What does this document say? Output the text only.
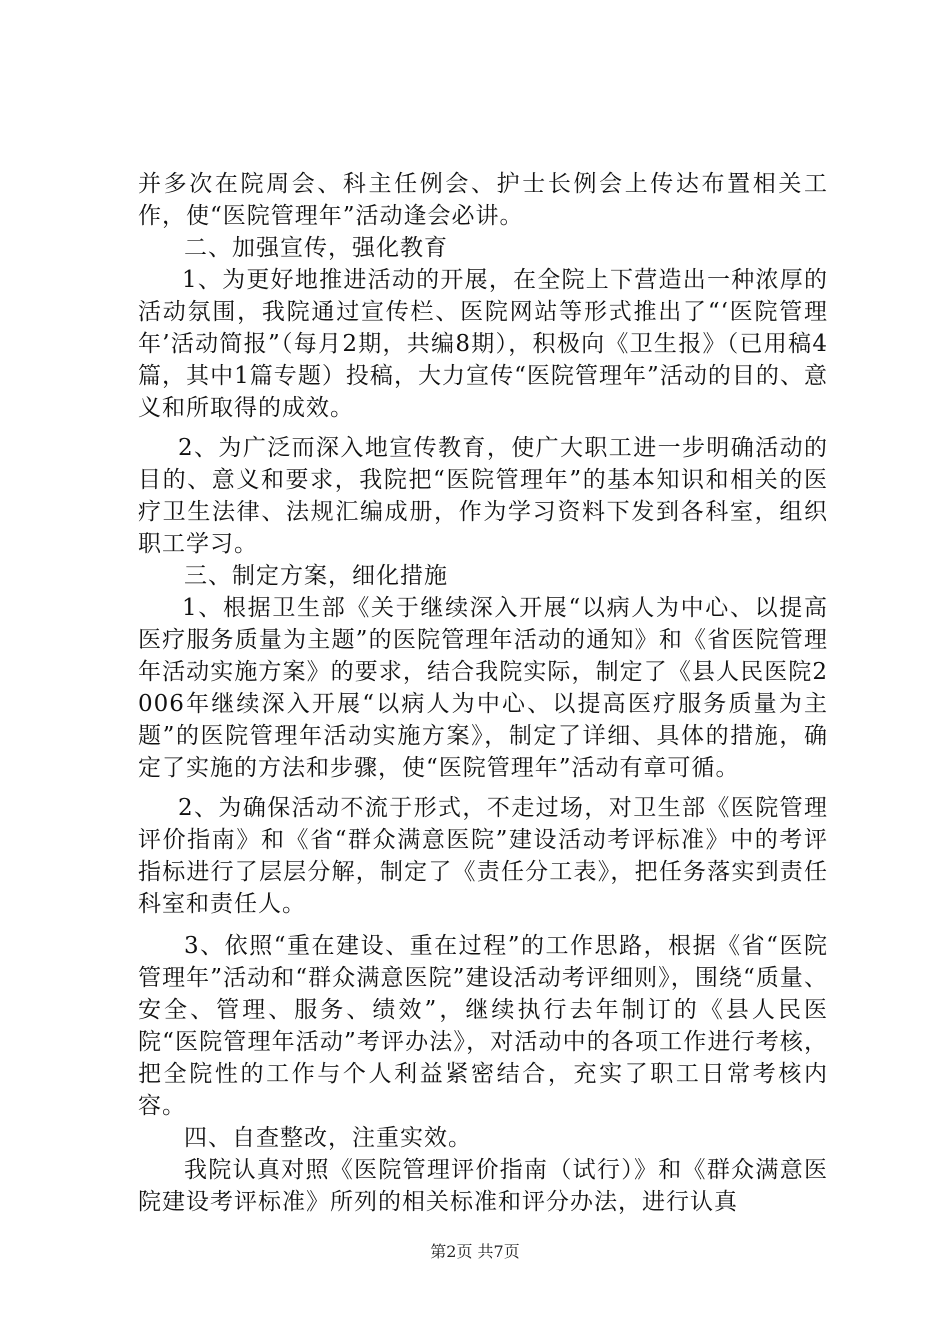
并多次在院周会、科主任例会、护士长例会上传达布置相关工作，使“医院管理年”活动逢会必讲。

二、加强宣传，强化教育

1、为更好地推进活动的开展，在全院上下营造出一种浓厚的活动氛围，我院通过宣传栏、医院网站等形式推出了“‘医院管理年’活动简报”（每月2期，共编8期），积极向《卫生报》（已用稿4篇，其中1篇专题）投稿，大力宣传“医院管理年”活动的目的、意义和所取得的成效。

2、为广泛而深入地宣传教育，使广大职工进一步明确活动的目的、意义和要求，我院把“医院管理年”的基本知识和相关的医疗卫生法律、法规汇编成册，作为学习资料下发到各科室，组织职工学习。

三、制定方案，细化措施

1、根据卫生部《关于继续深入开展“以病人为中心、以提高医疗服务质量为主题”的医院管理年活动的通知》和《省医院管理年活动实施方案》的要求，结合我院实际，制定了《县人民医院2006年继续深入开展“以病人为中心、以提高医疗服务质量为主题”的医院管理年活动实施方案》，制定了详细、具体的措施，确定了实施的方法和步骤，使“医院管理年”活动有章可循。

2、为确保活动不流于形式，不走过场，对卫生部《医院管理评价指南》和《省“群众满意医院”建设活动考评标准》中的考评指标进行了层层分解，制定了《责任分工表》，把任务落实到责任科室和责任人。

3、依照“重在建设、重在过程”的工作思路，根据《省“医院管理年”活动和“群众满意医院”建设活动考评细则》，围绕“质量、安全、管理、服务、绩效”，继续执行去年制订的《县人民医院“医院管理年活动”考评办法》，对活动中的各项工作进行考核，把全院性的工作与个人利益紧密结合，充实了职工日常考核内容。

四、自查整改，注重实效。

我院认真对照《医院管理评价指南（试行）》和《群众满意医院建设考评标准》所列的相关标准和评分办法，进行认真

第2页 共7页
